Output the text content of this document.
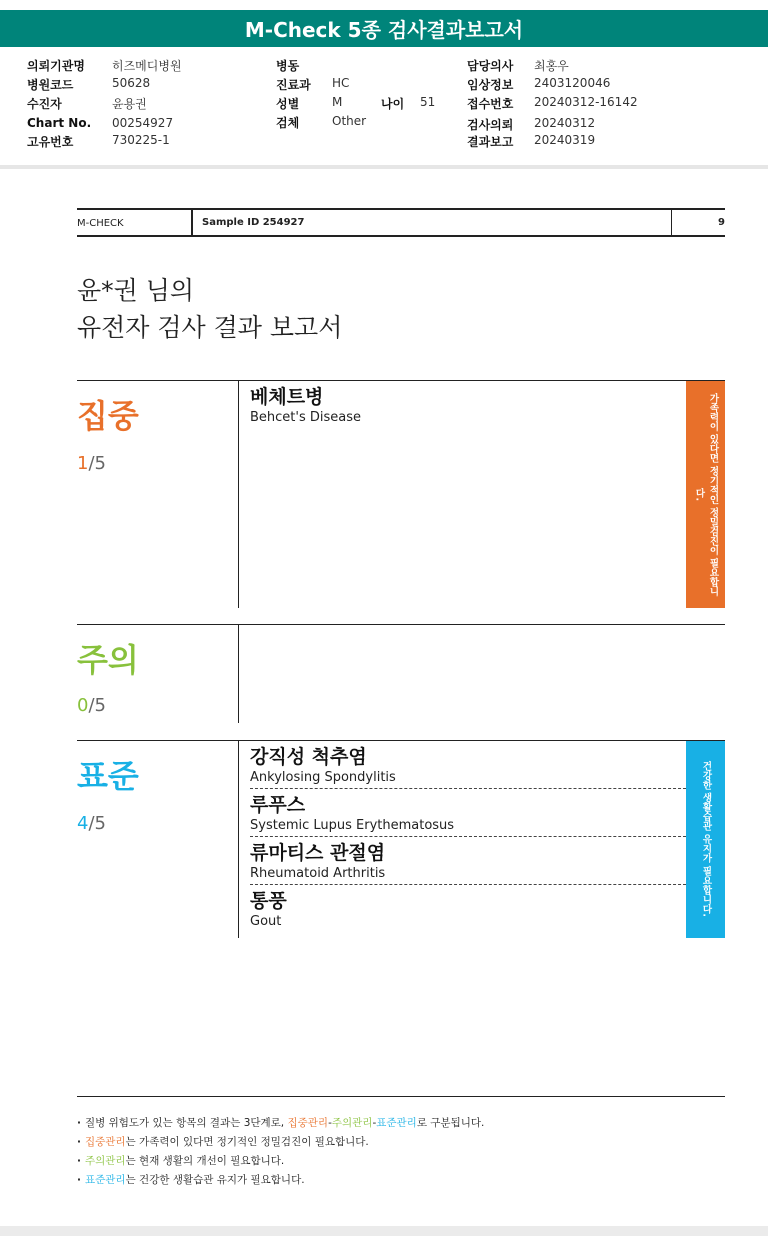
M-Check 5종 검사결과보고서
의뢰기관명 히즈메디병원
병원코드	50628
수진자	윤용권
Chart No. 00254927
고유번호	730225-1
병동
진료과 HC
성별	M	나이 51
검체	Other
담당의사 최홍우
임상정보 2403120046
접수번호 20240312-16142
검사의뢰 20240312
결과보고 20240319
M-CHECK	Sample ID 254927	9
윤*권 님의
유전자 검사 결과 보고서
집중
1/5
베체트병
Behcet's Disease	가족력이 있다면 정기적인 정밀검진이 필요합니다.
주의
0/5
표준
4/5
강직성 척추염
Ankylosing Spondylitis
루푸스
Systemic Lupus Erythematosus
류마티스 관절염
Rheumatoid Arthritis
통풍
Gout
건강한 생활습관 유지가 필요합니다.
· 질병 위험도가 있는 항목의 결과는 3단계로, 집중관리-주의관리-표준관리로 구분됩니다.
· 집중관리는 가족력이 있다면 정기적인 정밀검진이 필요합니다.
· 주의관리는 현재 생활의 개선이 필요합니다.
· 표준관리는 건강한 생활습관 유지가 필요합니다.
